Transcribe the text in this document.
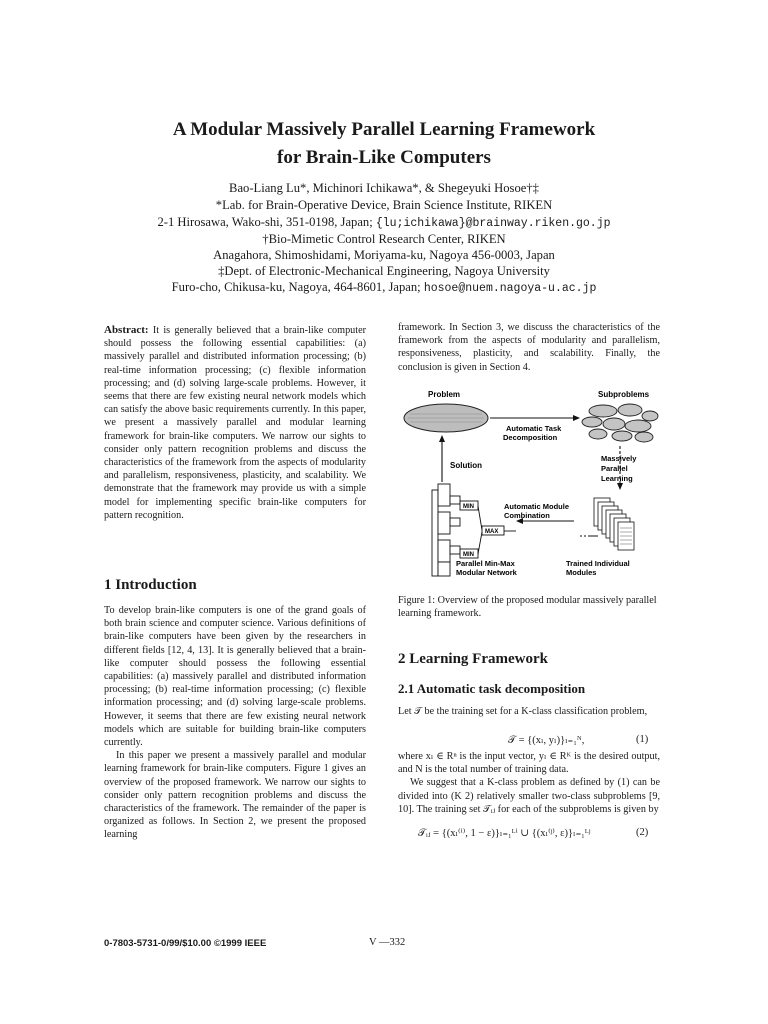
A Modular Massively Parallel Learning Framework
for Brain-Like Computers
Bao-Liang Lu*, Michinori Ichikawa*, & Shegeyuki Hosoe†‡
*Lab. for Brain-Operative Device, Brain Science Institute, RIKEN
2-1 Hirosawa, Wako-shi, 351-0198, Japan; {lu;ichikawa}@brainway.riken.go.jp
†Bio-Mimetic Control Research Center, RIKEN
Anagahora, Shimoshidami, Moriyama-ku, Nagoya 456-0003, Japan
‡Dept. of Electronic-Mechanical Engineering, Nagoya University
Furo-cho, Chikusa-ku, Nagoya, 464-8601, Japan; hosoe@nuem.nagoya-u.ac.jp

Abstract: It is generally believed that a brain-like computer should possess the following essential capabilities: (a) massively parallel and distributed information processing; (b) real-time information processing; (c) flexible information processing; and (d) solving large-scale problems. However, it seems that there are few existing neural network models which can satisfy the above basic requirements currently. In this paper, we present a massively parallel and modular learning framework for brain-like computers. We narrow our sights to consider only pattern recognition problems and discuss the characteristics of the framework from the aspects of modularity and parallelism, responsiveness, plasticity, and scalability. We demonstrate that the framework may provide us with a simple model for implementing specific brain-like computers for pattern recognition.

1 Introduction

To develop brain-like computers is one of the grand goals of both brain science and computer science. Various definitions of brain-like computers have been given by the researchers in different fields [12, 4, 13]. It is generally believed that a brain-like computer should possess the following essential capabilities: (a) massively parallel and distributed information processing; (b) real-time information processing; (c) flexible information processing; and (d) solving large-scale problems. However, it seems that there are few existing neural network models which are suitable for building brain-like computers currently.

In this paper we present a massively parallel and modular learning framework for brain-like computers. Figure 1 gives an overview of the proposed framework. We narrow our sights to consider only pattern recognition problems and discuss the characteristics of the framework. The remainder of the paper is organized as follows. In Section 2, we present the proposed learning

framework. In Section 3, we discuss the characteristics of the framework from the aspects of modularity and parallelism, responsiveness, plasticity, and scalability. Finally, the conclusion is given in Section 4.
Problem	Subproblems
Automatic Task
Decomposition
Massively
Parallel
Learning
Solution
MIN
MIN
MAX
Automatic Module
Combination
Parallel Min-Max
Modular Network
Trained Individual
Modules
Figure 1: Overview of the proposed modular massively parallel learning framework.
2 Learning Framework
2.1 Automatic task decomposition
Let 𝒯 be the training set for a K-class classification problem,
𝒯 = {(xₗ, yₗ)}ₗ₌₁ᴺ,	(1)

where xₗ ∈ Rⁿ is the input vector, yₗ ∈ Rᴷ is the desired output, and N is the total number of training data.

We suggest that a K-class problem as defined by (1) can be divided into (K 2) relatively smaller two-class subproblems [9, 10]. The training set 𝒯ᵢⱼ for each of the subproblems is given by

𝒯ᵢⱼ = {(xₗ⁽ⁱ⁾, 1 − ε)}ₗ₌₁ᴸⁱ ∪ {(xₗ⁽ʲ⁾, ε)}ₗ₌₁ᴸʲ	(2)
0-7803-5731-0/99/$10.00 ©1999 IEEE	V —332
